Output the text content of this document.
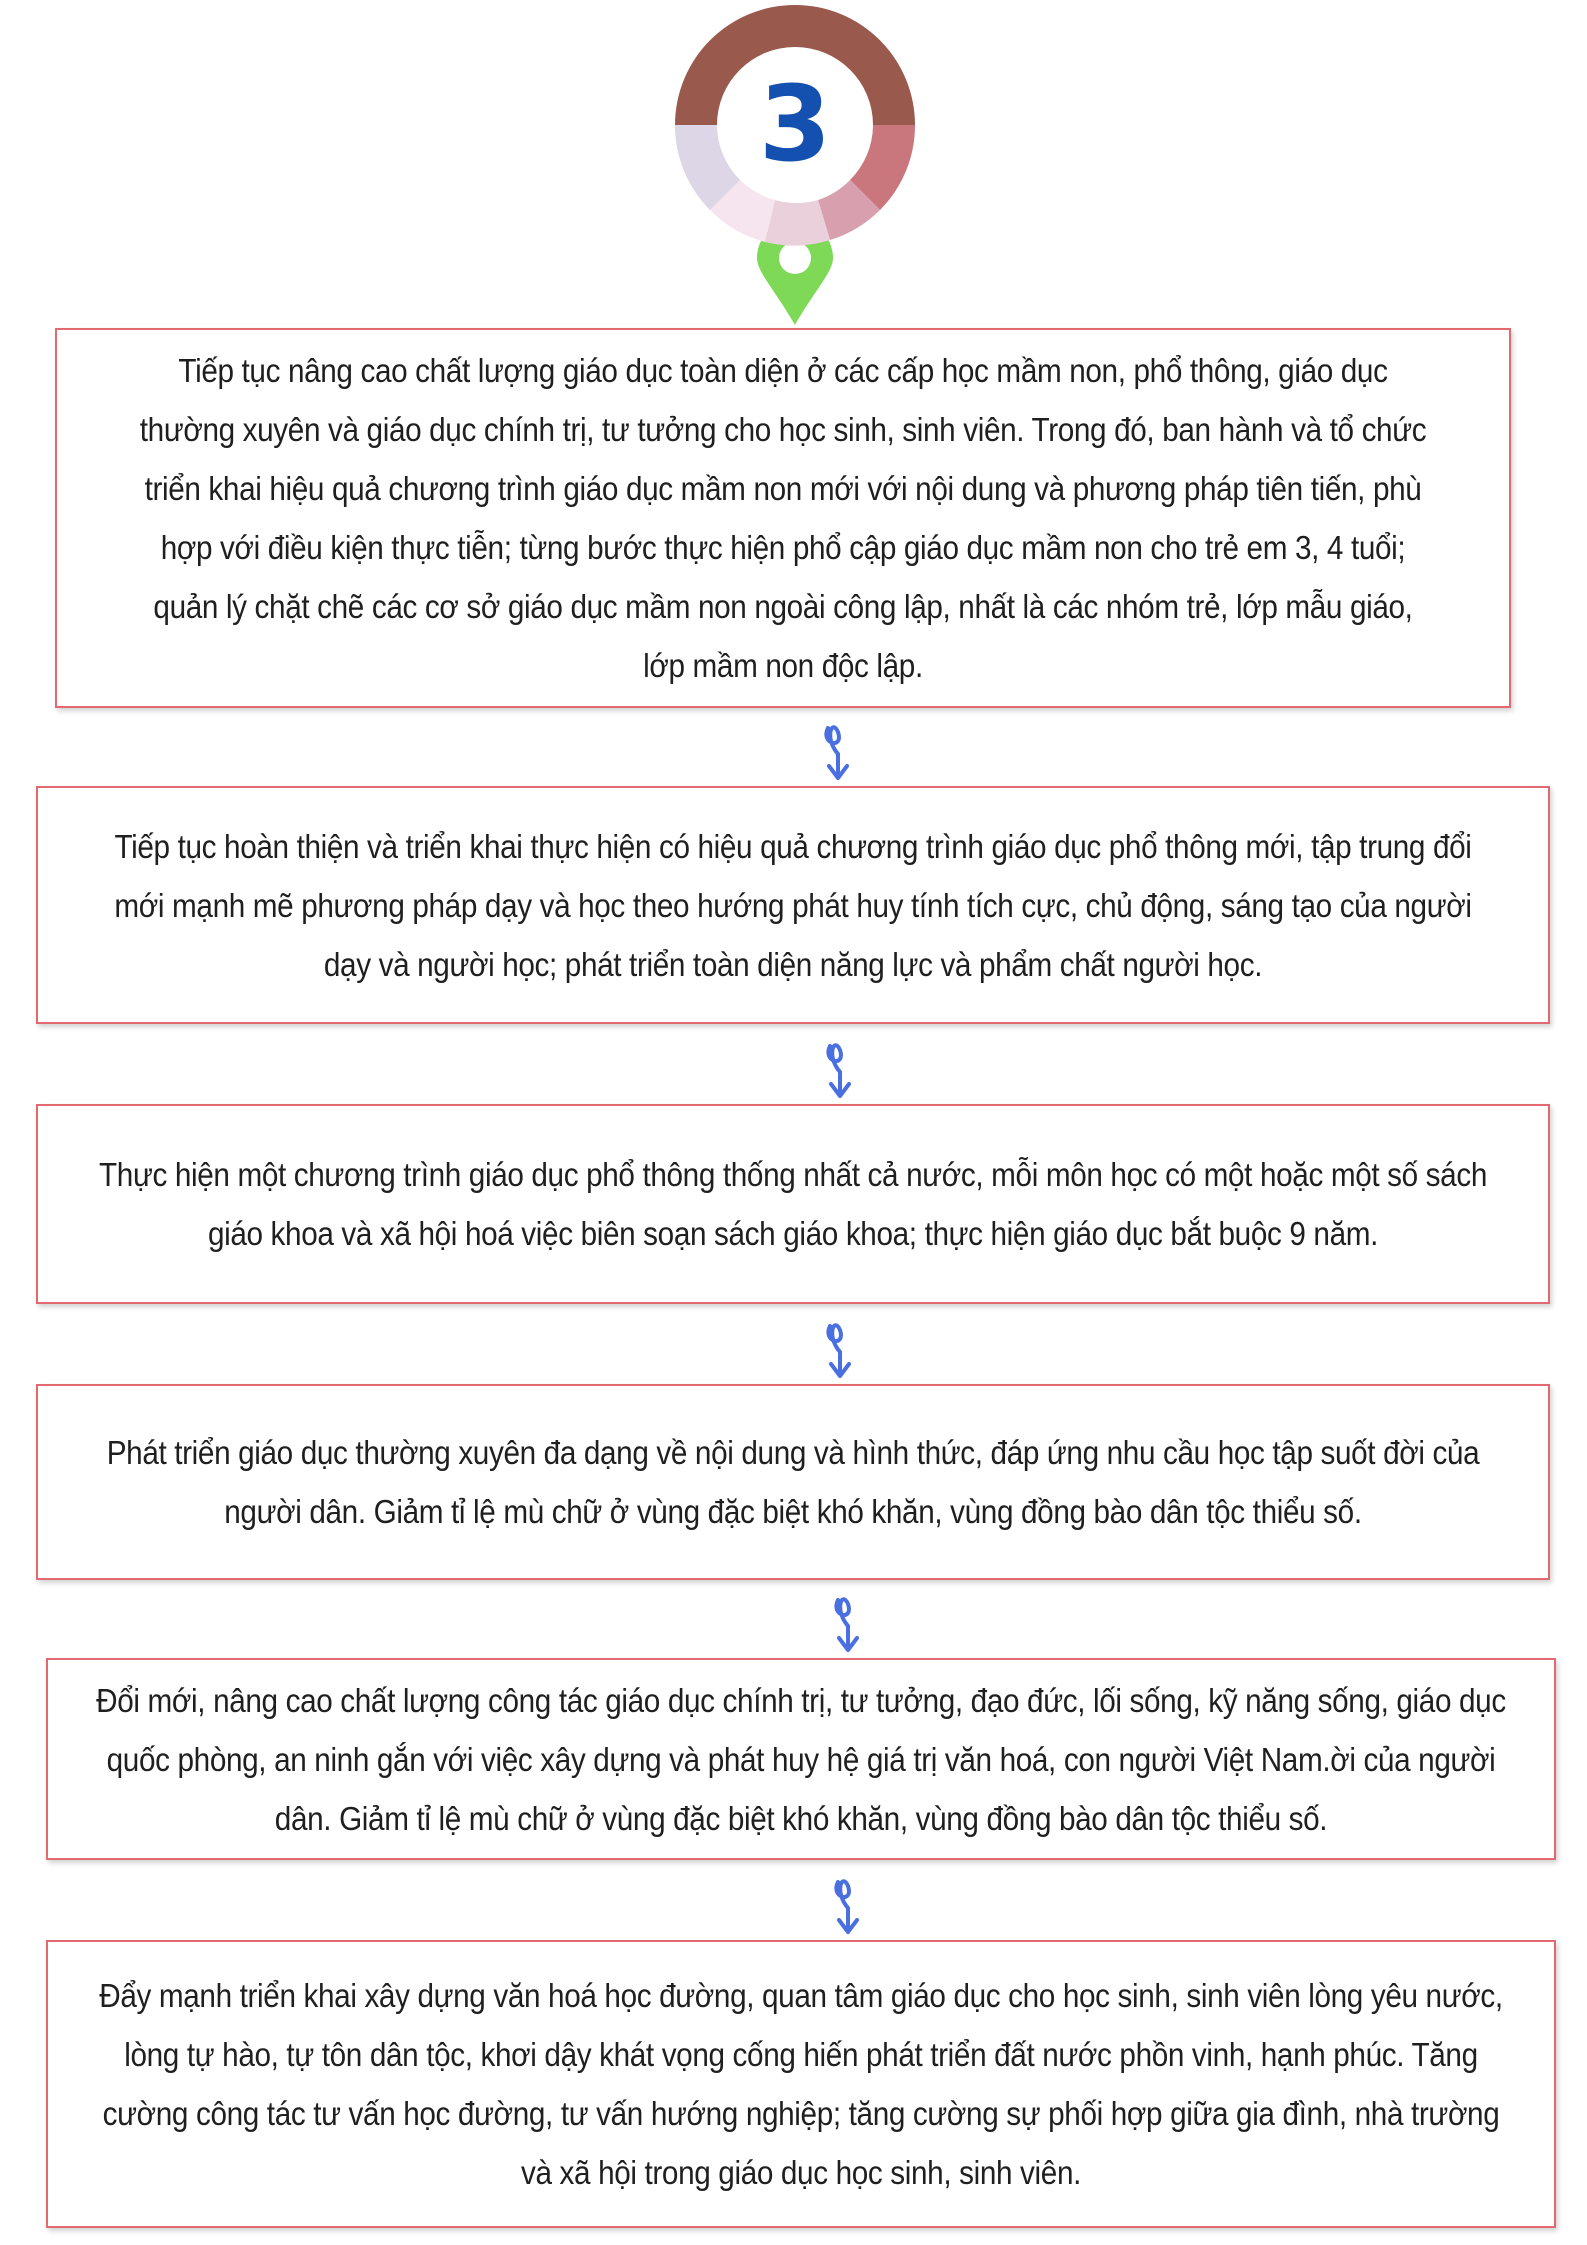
3
Tiếp tục nâng cao chất lượng giáo dục toàn diện ở các cấp học mầm non, phổ thông, giáo dục thường xuyên và giáo dục chính trị, tư tưởng cho học sinh, sinh viên. Trong đó, ban hành và tổ chức triển khai hiệu quả chương trình giáo dục mầm non mới với nội dung và phương pháp tiên tiến, phù hợp với điều kiện thực tiễn; từng bước thực hiện phổ cập giáo dục mầm non cho trẻ em 3, 4 tuổi; quản lý chặt chẽ các cơ sở giáo dục mầm non ngoài công lập, nhất là các nhóm trẻ, lớp mẫu giáo, lớp mầm non độc lập.
Tiếp tục hoàn thiện và triển khai thực hiện có hiệu quả chương trình giáo dục phổ thông mới, tập trung đổi mới mạnh mẽ phương pháp dạy và học theo hướng phát huy tính tích cực, chủ động, sáng tạo của người dạy và người học; phát triển toàn diện năng lực và phẩm chất người học.
Thực hiện một chương trình giáo dục phổ thông thống nhất cả nước, mỗi môn học có một hoặc một số sách giáo khoa và xã hội hoá việc biên soạn sách giáo khoa; thực hiện giáo dục bắt buộc 9 năm.
Phát triển giáo dục thường xuyên đa dạng về nội dung và hình thức, đáp ứng nhu cầu học tập suốt đời của người dân. Giảm tỉ lệ mù chữ ở vùng đặc biệt khó khăn, vùng đồng bào dân tộc thiểu số.
Đổi mới, nâng cao chất lượng công tác giáo dục chính trị, tư tưởng, đạo đức, lối sống, kỹ năng sống, giáo dục quốc phòng, an ninh gắn với việc xây dựng và phát huy hệ giá trị văn hoá, con người Việt Nam.ời của người dân. Giảm tỉ lệ mù chữ ở vùng đặc biệt khó khăn, vùng đồng bào dân tộc thiểu số.
Đẩy mạnh triển khai xây dựng văn hoá học đường, quan tâm giáo dục cho học sinh, sinh viên lòng yêu nước, lòng tự hào, tự tôn dân tộc, khơi dậy khát vọng cống hiến phát triển đất nước phồn vinh, hạnh phúc. Tăng cường công tác tư vấn học đường, tư vấn hướng nghiệp; tăng cường sự phối hợp giữa gia đình, nhà trường và xã hội trong giáo dục học sinh, sinh viên.
